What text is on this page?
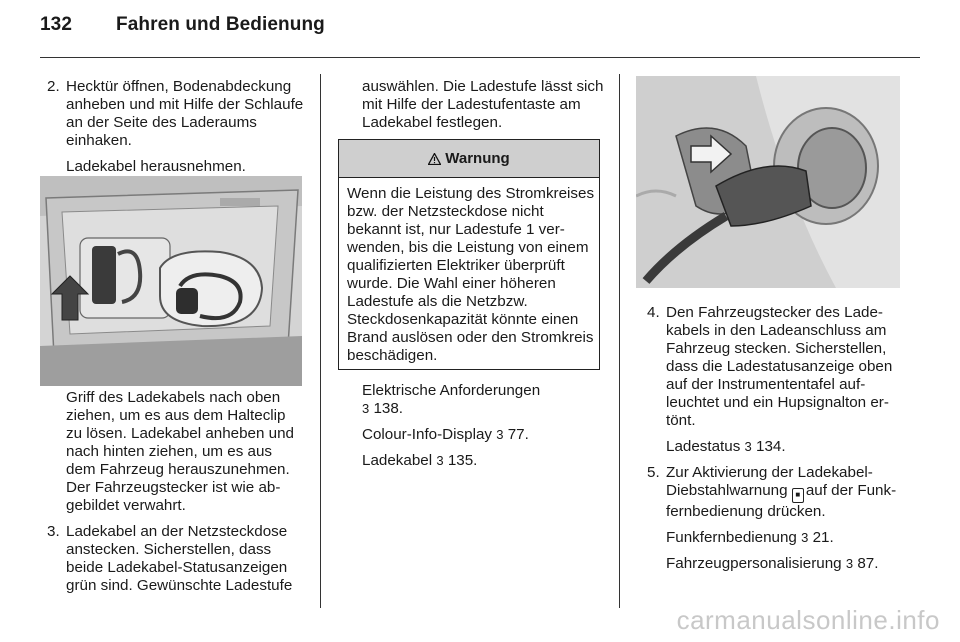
132 Fahren und Bedienung
2. Hecktür öffnen, Bodenabdeckung anheben und mit Hilfe der Schlaufe an der Seite des Laderaums einhaken.

Ladekabel herausnehmen.

Griff des Ladekabels nach oben ziehen, um es aus dem Halteclip zu lösen. Ladekabel anheben und nach hinten ziehen, um es aus dem Fahrzeug herauszunehmen. Der Fahrzeugstecker ist wie abgebildet verwahrt.

3. Ladekabel an der Netzsteckdose anstecken. Sicherstellen, dass beide Ladekabel-Statusanzeigen grün sind. Gewünschte Ladestufe

auswählen. Die Ladestufe lässt sich mit Hilfe der Ladestufentaste am Ladekabel festlegen.

Warnung
Wenn die Leistung des Stromkreises bzw. der Netzsteckdose nicht bekannt ist, nur Ladestufe 1 verwenden, bis die Leistung von einem qualifizierten Elektriker überprüft wurde. Die Wahl einer höheren Ladestufe als die Netzbzw. Steckdosenkapazität könnte einen Brand auslösen oder den Stromkreis beschädigen.

Elektrische Anforderungen
3 138.

Colour-Info-Display 3 77.

Ladekabel 3 135.

4. Den Fahrzeugstecker des Ladekabels in den Ladeanschluss am Fahrzeug stecken. Sicherstellen, dass die Ladestatusanzeige oben auf der Instrumententafel aufleuchtet und ein Hupsignalton ertönt.

Ladestatus 3 134.

5. Zur Aktivierung der Ladekabel-Diebstahlwarnung ■ auf der Funkfernbedienung drücken.

Funkfernbedienung 3 21.

Fahrzeugpersonalisierung 3 87.

carmanualsonline.info
